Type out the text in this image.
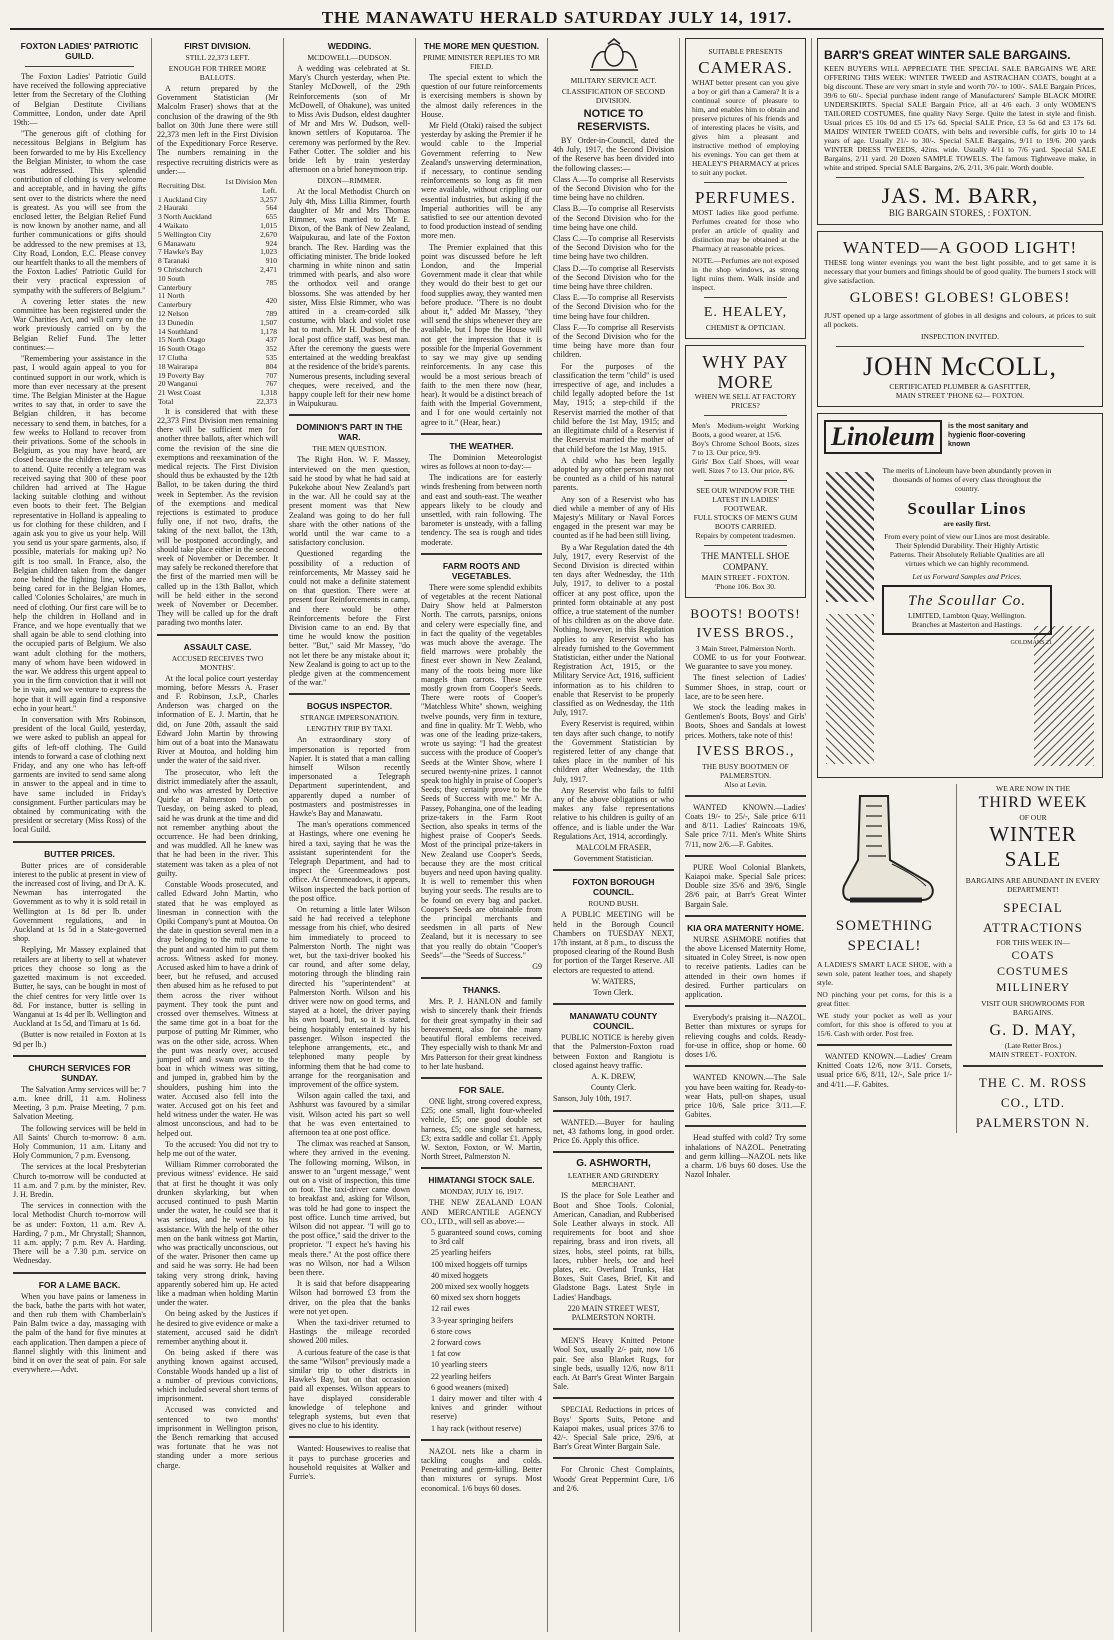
THE MANAWATU HERALD SATURDAY JULY 14, 1917.
FOXTON LADIES' PATRIOTIC GUILD.

The Foxton Ladies' Patriotic Guild have received the following appreciative letter from the Secretary of the Clothing of Belgian Destitute Civilians Committee, London, under date April 19th:—

"The generous gift of clothing for necessitous Belgians in Belgium has been forwarded to me by His Excellency the Belgian Minister, to whom the case was addressed. This splendid contribution of clothing is very welcome and acceptable, and in having the gifts sent over to the districts where the need is greatest. As you will see from the enclosed letter, the Belgian Relief Fund is now known by another name, and all further communications or gifts should be addressed to the new premises at 13, City Road, London, E.C. Please convey our heartfelt thanks to all the members of the Foxton Ladies' Patriotic Guild for their very practical expression of sympathy with the sufferers of Belgium."

A covering letter states the new committee has been registered under the War Charities Act, and will carry on the work previously carried on by the Belgian Relief Fund. The letter continues:—

"Remembering your assistance in the past, I would again appeal to you for continued support in our work, which is more than ever necessary at the present time. The Belgian Minister at the Hague writes to say that, in order to save the Belgian children, it has become necessary to send them, in batches, for a few weeks to Holland to recover from their privations. Some of the schools in Belgium, as you may have heard, are closed because the children are too weak to attend. Quite recently a telegram was received saying that 300 of these poor children had arrived at The Hague lacking suitable clothing and without even boots to their feet. The Belgian representative in Holland is appealing to us for clothing for these children, and I again ask you to give us your help. Will you send us your spare garments, also, if possible, materials for making up? No gift is too small. In France, also, the Belgian children taken from the danger zone behind the fighting line, who are being cared for in the Belgian Homes, called 'Colonies Scholaires,' are much in need of clothing. Our first care will be to help the children in Holland and in France, and we hope eventually that we shall again be able to send clothing into the occupied parts of Belgium. We also want adult clothing for the mothers, many of whom have been widowed in the war. We address this urgent appeal to you in the firm conviction that it will not be in vain, and we venture to express the hope that it will again find a responsive echo in your heart."

In conversation with Mrs Robinson, president of the local Guild, yesterday, we were asked to publish an appeal for gifts of left-off clothing. The Guild intends to forward a case of clothing next Friday, and any one who has left-off garments are invited to send same along in answer to the appeal and in time to have same included in Friday's consignment. Further particulars may be obtained by communicating with the president or secretary (Miss Ross) of the local Guild.

BUTTER PRICES.

Butter prices are of considerable interest to the public at present in view of the increased cost of living, and Dr A. K. Newman has interrogated the Government as to why it is sold retail in Wellington at 1s 8d per lb. under Government regulations, and in Auckland at 1s 5d in a State-governed shop.

Replying, Mr Massey explained that retailers are at liberty to sell at whatever prices they choose so long as the gazetted maximum is not exceeded. Butter, he says, can be bought in most of the chief centres for very little over 1s 8d. For instance, butter is selling in Wanganui at 1s 4d per lb. Wellington and Auckland at 1s 5d, and Timaru at 1s 6d.

(Butter is now retailed in Foxton at 1s 9d per lb.)

CHURCH SERVICES FOR SUNDAY.

The Salvation Army services will be: 7 a.m. knee drill, 11 a.m. Holiness Meeting, 3 p.m. Praise Meeting, 7 p.m. Salvation Meeting.

The following services will be held in All Saints' Church to-morrow: 8 a.m. Holy Communion, 11 a.m. Litany and Holy Communion, 7 p.m. Evensong.

The services at the local Presbyterian Church to-morrow will be conducted at 11 a.m. and 7 p.m. by the minister, Rev. J. H. Bredin.

The services in connection with the local Methodist Church to-morrow will be as under: Foxton, 11 a.m. Rev A. Harding, 7 p.m., Mr Chrystall; Shannon, 11 a.m. apply; 7 p.m. Rev A. Harding. There will be a 7.30 p.m. service on Wednesday.

FOR A LAME BACK.

When you have pains or lameness in the back, bathe the parts with hot water, and then rub them with Chamberlain's Pain Balm twice a day, massaging with the palm of the hand for five minutes at each application. Then dampen a piece of flannel slightly with this liniment and bind it on over the seat of pain. For sale everywhere.—Advt.

FIRST DIVISION.
STILL 22,373 LEFT.
ENOUGH FOR THREE MORE BALLOTS.

A return prepared by the Government Statistician (Mr Malcolm Fraser) shows that at the conclusion of the drawing of the 9th ballot on 30th June there were still 22,373 men left in the First Division of the Expeditionary Force Reserve. The numbers remaining in the respective recruiting districts were as under:—

Recruiting Dist.	1st Division Men Left.
1 Auckland City	3,257
2 Hauraki	564
3 North Auckland	655
4 Waikato	1,015
5 Wellington City	2,670
6 Manawatu	924
7 Hawke's Bay	1,023
8 Taranaki	910
9 Christchurch	2,471
10 South Canterbury	785
11 North Canterbury	420
12 Nelson	789
13 Dunedin	1,507
14 Southland	1,178
15 North Otago	437
16 South Otago	352
17 Clutha	535
18 Wairarapa	804
19 Poverty Bay	707
20 Wanganui	767
21 West Coast	1,318
Total	22,373

It is considered that with these 22,373 First Division men remaining there will be sufficient men for another three ballots, after which will come the revision of the sine die exemptions and reexamination of the medical rejects. The First Division should thus be exhausted by the 12th Ballot, to be taken during the third week in September. As the revision of the exemptions and medical rejections is estimated to produce fully one, if not two, drafts, the taking of the next ballot, the 13th, will be postponed accordingly, and should take place either in the second week of November or December. It may safely be reckoned therefore that the first of the married men will be called up in the 13th Ballot, which will be held either in the second week of November or December. They will be called up for the draft parading two months later.

ASSAULT CASE.
ACCUSED RECEIVES TWO MONTHS'.

At the local police court yesterday morning, before Messrs A. Fraser and F. Robinson, J.s.P., Charles Anderson was charged on the information of E. J. Martin, that he did, on June 20th, assault the said Edward John Martin by throwing him out of a boat into the Manawatu River at Moutoa, and holding him under the water of the said river.

The prosecutor, who left the district immediately after the assault, and who was arrested by Detective Quirke at Palmerston North on Tuesday, on being asked to plead, said he was drunk at the time and did not remember anything about the occurrence. He had been drinking, and was muddled. All he knew was that he had been in the river. This statement was taken as a plea of not guilty.

Constable Woods prosecuted, and called Edward John Martin, who stated that he was employed as linesman in connection with the Opiki Company's punt at Moutoa. On the date in question several men in a dray belonging to the mill came to the punt and wanted him to put them across. Witness asked for money. Accused asked him to have a drink of beer, but he refused, and accused then abused him as he refused to put them across the river without payment. They took the punt and crossed over themselves. Witness at the same time got in a boat for the purpose of putting Mr Rimmer, who was on the other side, across. When the punt was nearly over, accused jumped off and swam over to the boat in which witness was sitting, and jumped in, grabbed him by the shoulders, pushing him into the water. Accused also fell into the water. Accused got on his feet and held witness under the water. He was almost unconscious, and had to be helped out.

To the accused: You did not try to help me out of the water.

William Rimmer corroborated the previous witness' evidence. He said that at first he thought it was only drunken skylarking, but when accused continued to push Martin under the water, he could see that it was serious, and he went to his assistance. With the help of the other men on the bank witness got Martin, who was practically unconscious, out of the water. Prisoner then came up and said he was sorry. He had been taking very strong drink, having apparently sobered him up. He acted like a madman when holding Martin under the water.

On being asked by the Justices if he desired to give evidence or make a statement, accused said he didn't remember anything about it.

On being asked if there was anything known against accused, Constable Woods handed up a list of a number of previous convictions, which included several short terms of imprisonment.

Accused was convicted and sentenced to two months' imprisonment in Wellington prison, the Bench remarking that accused was fortunate that he was not standing under a more serious charge.

WEDDING.
MCDOWELL—DUDSON.

A wedding was celebrated at St. Mary's Church yesterday, when Pte. Stanley McDowell, of the 29th Reinforcements (son of Mr McDowell, of Ohakune), was united to Miss Avis Dudson, eldest daughter of Mr and Mrs W. Dudson, well-known settlers of Koputaroa. The ceremony was performed by the Rev. Father Cotter. The soldier and his bride left by train yesterday afternoon on a brief honeymoon trip.

DIXON—RIMMER.

At the local Methodist Church on July 4th, Miss Lillia Rimmer, fourth daughter of Mr and Mrs Thomas Rimmer, was married to Mr E. Dixon, of the Bank of New Zealand, Waipukurau, and late of the Foxton branch. The Rev. Harding was the officiating minister. The bride looked charming in white ninon and satin trimmed with pearls, and also wore the orthodox veil and orange blossoms. She was attended by her sister, Miss Elsie Rimmer, who was attired in a cream-corded silk costume, with black and violet rose hat to match. Mr H. Dudson, of the local post office staff, was best man. After the ceremony the guests were entertained at the wedding breakfast at the residence of the bride's parents. Numerous presents, including several cheques, were received, and the happy couple left for their new home in Waipukurau.

DOMINION'S PART IN THE WAR.
THE MEN QUESTION.

The Right Hon. W. F. Massey, interviewed on the men question, said he stood by what he had said at Pukekohe about New Zealand's part in the war. All he could say at the present moment was that New Zealand was going to do her full share with the other nations of the world until the war came to a satisfactory conclusion.

Questioned regarding the possibility of a reduction of reinforcements, Mr Massey said he could not make a definite statement on that question. There were at present four Reinforcements in camp, and there would be other Reinforcements before the First Division came to an end. By that time he would know the position better. "But," said Mr Massey, "do not let there be any mistake about it; New Zealand is going to act up to the pledge given at the commencement of the war."

BOGUS INSPECTOR.
STRANGE IMPERSONATION.
LENGTHY TRIP BY TAXI.

An extraordinary story of impersonation is reported from Napier. It is stated that a man calling himself Wilson recently impersonated a Telegraph Department superintendent, and apparently duped a number of postmasters and postmistresses in Hawke's Bay and Manawatu.

The man's operations commenced at Hastings, where one evening he hired a taxi, saying that he was the assistant superintendent for the Telegraph Department, and had to inspect the Greenmeadows post office. At Greenmeadows, it appears, Wilson inspected the back portion of the post office.

On returning a little later Wilson said he had received a telephone message from his chief, who desired him immediately to proceed to Palmerston North. The night was wet, but the taxi-driver booked his car round, and after some delay, motoring through the blinding rain directed his "superintendent" at Palmerston North. Wilson and his driver were now on good terms, and stayed at a hotel, the driver paying his own board, but, so it is stated, being hospitably entertained by his passenger. Wilson inspected the telephone arrangements, etc., and telephoned many people by informing them that he had come to arrange for the reorganisation and improvement of the office system.

Wilson again called the taxi, and Ashhurst was favoured by a similar visit. Wilson acted his part so well that he was even entertained to afternoon tea at one post office.

The climax was reached at Sanson, where they arrived in the evening. The following morning, Wilson, in answer to an "urgent message," went out on a visit of inspection, this time on foot. The taxi-driver came down to breakfast and, asking for Wilson, was told he had gone to inspect the post office. Lunch time arrived, but Wilson did not appear. "I will go to the post office," said the driver to the proprietor. "I expect he's having his meals there." At the post office there was no Wilson, nor had a Wilson been there.

It is said that before disappearing Wilson had borrowed £3 from the driver, on the plea that the banks were not yet open.

When the taxi-driver returned to Hastings the mileage recorded showed 200 miles.

A curious feature of the case is that the same "Wilson" previously made a similar trip to other districts in Hawke's Bay, but on that occasion paid all expenses. Wilson appears to have displayed considerable knowledge of telephone and telegraph systems, but even that gives no clue to his identity.

Wanted: Housewives to realise that it pays to purchase groceries and household requisites at Walker and Furrie's.

THE MORE MEN QUESTION.
PRIME MINISTER REPLIES TO MR FIELD.

The special extent to which the question of our future reinforcements is exercising members is shown by the almost daily references in the House.

Mr Field (Otaki) raised the subject yesterday by asking the Premier if he would cable to the Imperial Government referring to New Zealand's unswerving determination, if necessary, to continue sending reinforcements so long as fit men were available, without crippling our essential industries, but asking if the Imperial authorities will be any satisfied to see our attention devoted to food production instead of sending more men.

The Premier explained that this point was discussed before he left London, and the Imperial Government made it clear that while they would do their best to get our food supplies away, they wanted men before produce. "There is no doubt about it," added Mr Massey, "they will send the ships whenever they are available, but I hope the House will not get the impression that it is possible for the Imperial Government to say we may give up sending reinforcements. In any case this would be a most serious breach of faith to the men there now (hear, hear). It would be a distinct breach of faith with the Imperial Government, and I for one would certainly not agree to it." (Hear, hear.)

THE WEATHER.

The Dominion Meteorologist wires as follows at noon to-day:—

The indications are for easterly winds freshening from between north and east and south-east. The weather appears likely to be cloudy and unsettled, with rain following. The barometer is unsteady, with a falling tendency. The sea is rough and tides moderate.

FARM ROOTS AND VEGETABLES.

There were some splendid exhibits of vegetables at the recent National Dairy Show held at Palmerston North. The carrots, parsnips, onions and celery were especially fine, and in fact the quality of the vegetables was much above the average. The field marrows were probably the finest ever shown in New Zealand, many of the roots being more like mangels than carrots. These were mostly grown from Cooper's Seeds. There were roots of Cooper's "Matchless White" shown, weighing twelve pounds, very firm in texture, and fine in quality. Mr T. Webb, who was one of the leading prize-takers, wrote us saying: "I had the greatest success with the produce of Cooper's Seeds at the Winter Show, where I secured twenty-nine prizes. I cannot speak too highly in praise of Cooper's Seeds; they certainly prove to be the Seeds of Success with me." Mr A. Passey, Pohangina, one of the leading prize-takers in the Farm Root Section, also speaks in terms of the highest praise of Cooper's Seeds. Most of the principal prize-takers in New Zealand use Cooper's Seeds, because they are the most critical buyers and need upon having quality. It is well to remember this when buying your seeds. The results are to be found on every bag and packet. Cooper's Seeds are obtainable from the principal merchants and seedsmen in all parts of New Zealand, but it is necessary to see that you really do obtain "Cooper's Seeds"—the "Seeds of Success."

G9

THANKS.

Mrs. P. J. HANLON and family wish to sincerely thank their friends for their great sympathy in their sad bereavement, also for the many beautiful floral emblems received. They especially wish to thank Mr and Mrs Patterson for their great kindness to her late husband.

FOR SALE.

ONE light, strong covered express, £25; one small, light four-wheeled vehicle, £5; one good double set harness, £5; one single set harness, £3; extra saddle and collar £1. Apply W. Sexton, Foxton, or W. Martin, North Street, Palmerston N.

HIMATANGI STOCK SALE.
MONDAY, JULY 16, 1917.

THE NEW ZEALAND LOAN AND MERCANTILE AGENCY CO., LTD., will sell as above:—

5 guaranteed sound cows, coming to 3rd calf

25 yearling heifers

100 mixed hoggets off turnips

40 mixed hoggets

200 mixed sex woolly hoggets

60 mixed sex shorn hoggets

12 rail ewes

3 3-year springing heifers

6 store cows

2 forward cows

1 fat cow

10 yearling steers

22 yearling heifers

6 good weaners (mixed)

1 dairy mower and tilter with 4 knives and grinder without reserve)

1 hay rack (without reserve)

NAZOL nets like a charm in tackling coughs and colds. Penetrating and germ-killing. Better than mixtures or syrups. Most economical. 1/6 buys 60 doses.

MILITARY SERVICE ACT.
CLASSIFICATION OF SECOND DIVISION.
NOTICE TO RESERVISTS.

BY Order-in-Council, dated the 4th July, 1917, the Second Division of the Reserve has been divided into the following classes:—

Class A.—To comprise all Reservists of the Second Division who for the time being have no children.

Class B.—To comprise all Reservists of the Second Division who for the time being have one child.

Class C.—To comprise all Reservists of the Second Division who for the time being have two children.

Class D.—To comprise all Reservists of the Second Division who for the time being have three children.

Class E.—To comprise all Reservists of the Second Division who for the time being have four children.

Class F.—To comprise all Reservists of the Second Division who for the time being have more than four children.

For the purposes of the classification the term "child" is used irrespective of age, and includes a child legally adopted before the 1st May, 1915; a step-child if the Reservist married the mother of that child before the 1st May, 1915; and an illegitimate child of a Reservist if the Reservist married the mother of that child before the 1st May, 1915.

A child who has been legally adopted by any other person may not be counted as a child of his natural parents.

Any son of a Reservist who has died while a member of any of His Majesty's Military or Naval Forces engaged in the present war may be counted as if he had been still living.

By a War Regulation dated the 4th July, 1917, every Reservist of the Second Division is directed within ten days after Wednesday, the 11th July, 1917, to deliver to a postal officer at any post office, upon the printed form obtainable at any post office, a true statement of the number of his children as on the above date. Nothing, however, in this Regulation applies to any Reservist who has already furnished to the Government Statistician, either under the National Registration Act, 1915, or the Military Service Act, 1916, sufficient information as to his children to enable that Reservist to be properly classified as on Wednesday, the 11th July, 1917.

Every Reservist is required, within ten days after such change, to notify the Government Statistician by registered letter of any change that takes place in the number of his children after Wednesday, the 11th July, 1917.

Any Reservist who fails to fulfil any of the above obligations or who makes any false representations relative to his children is guilty of an offence, and is liable under the War Regulations Act, 1914, accordingly.

MALCOLM FRASER,

Government Statistician.

FOXTON BOROUGH COUNCIL.
ROUND BUSH.

A PUBLIC MEETING will be held in the Borough Council Chambers on TUESDAY NEXT, 17th instant, at 8 p.m., to discuss the proposed clearing of the Round Bush for portion of the Target Reserve. All electors are requested to attend.

W. WATERS,

Town Clerk.

MANAWATU COUNTY COUNCIL.

PUBLIC NOTICE is hereby given that the Palmerston-Foxton road between Foxton and Rangiotu is closed against heavy traffic.

A. K. DREW,

County Clerk.

Sanson, July 10th, 1917.

WANTED.—Buyer for hauling net, 43 fathoms long, in good order. Price £6. Apply this office.

G. ASHWORTH,
LEATHER AND GRINDERY MERCHANT.

IS the place for Sole Leather and Boot and Shoe Tools. Colonial, American, Canadian, and Rubberised Sole Leather always in stock. All requirements for boot and shoe repairing, brass and iron rivets, all sizes, hobs, steel points, rat bills, laces, rubber heels, toe and heel plates, etc. Overland Trunks, Hat Boxes, Suit Cases, Brief, Kit and Gladstone Bags. Latest Style in Ladies' Handbags.

220 MAIN STREET WEST, PALMERSTON NORTH.

MEN'S Heavy Knitted Petone Wool Sox, usually 2/- pair, now 1/6 pair. See also Blanket Rugs, for single beds, usually 12/6, now 8/11 each. At Barr's Great Winter Bargain Sale.

SPECIAL Reductions in prices of Boys' Sports Suits, Petone and Kaiapoi makes, usual prices 37/6 to 42/-. Special Sale price, 29/6, at Barr's Great Winter Bargain Sale.

For Chronic Chest Complaints, Woods' Great Peppermint Cure, 1/6 and 2/6.

SUITABLE PRESENTS
CAMERAS.
WHAT better present can you give a boy or girl than a Camera? It is a continual source of pleasure to him, and enables him to obtain and preserve pictures of his friends and of interesting places he visits, and gives him a pleasant and instructive method of employing his evenings. You can get them at HEALEY'S PHARMACY at prices to suit any pocket.
PERFUMES.
MOST ladies like good perfume. Perfumes created for those who prefer an article of quality and distinction may be obtained at the Pharmacy at reasonable prices.
NOTE.—Perfumes are not exposed in the shop windows, as strong light ruins them. Walk inside and inspect.
E. HEALEY,
CHEMIST & OPTICIAN.
WHY PAY
MORE
WHEN WE SELL AT FACTORY PRICES?
Men's Medium-weight Working Boots, a good wearer, at 15/6.
Boy's Chrome School Boots, sizes 7 to 13. Our price, 9/9.
Girls' Box Calf Shoes, will wear well. Sizes 7 to 13. Our price, 8/6.
SEE OUR WINDOW FOR THE LATEST IN LADIES' FOOTWEAR.
FULL STOCKS OF MEN'S GUM BOOTS CARRIED.
Repairs by competent tradesmen.
THE MANTELL SHOE COMPANY.
MAIN STREET - FOXTON.
'Phone 106. Box 30.
BOOTS! BOOTS!
IVESS BROS.,
3 Main Street, Palmerston North.

COME to us for your Footwear. We guarantee to save you money.

The finest selection of Ladies' Summer Shoes, in strap, court or lace, are to be seen here.

We stock the leading makes in Gentlemen's Boots, Boys' and Girls' Boots, Shoes and Sandals at lowest prices. Mothers, take note of this!

IVESS BROS.,
THE BUSY BOOTMEN OF PALMERSTON.
Also at Levin.

WANTED KNOWN.—Ladies' Coats 19/- to 25/-, Sale price 6/11 and 8/11. Ladies' Raincoats 19/6, Sale price 7/11. Men's White Shirts 7/11, now 2/6.—F. Gabites.

PURE Wool Colonial Blankets, Kaiapoi make. Special Sale prices: Double size 35/6 and 39/6, Single 28/6 pair, at Barr's Great Winter Bargain Sale.

KIA ORA MATERNITY HOME.

NURSE ASHMORE notifies that the above Licensed Maternity Home, situated in Coley Street, is now open to receive patients. Ladies can be attended in their own homes if desired. Further particulars on application.

Everybody's praising it—NAZOL. Better than mixtures or syrups for relieving coughs and colds. Ready-for-use in office, shop or home. 60 doses 1/6.

WANTED KNOWN.—The Sale you have been waiting for. Ready-to-wear Hats, pull-on shapes, usual price 10/6, Sale price 3/11.—F. Gabites.

Head stuffed with cold? Try some inhalations of NAZOL. Penetrating and germ killing—NAZOL nets like a charm. 1/6 buys 60 doses. Use the Nazol Inhaler.

BARR'S GREAT WINTER SALE BARGAINS.
KEEN BUYERS WILL APPRECIATE THE SPECIAL SALE BARGAINS WE ARE OFFERING THIS WEEK: WINTER TWEED and ASTRACHAN COATS, bought at a big discount. These are very smart in style and worth 70/- to 100/-. SALE Bargain Prices, 39/6 to 60/-. Special purchase indent range of Manufacturers' Sample BLACK MOIRE UNDERSKIRTS. Special SALE Bargain Price, all at 4/6 each. 3 only WOMEN'S TAILORED COSTUMES, fine quality Navy Serge. Quite the latest in style and finish. Usual prices £5 10s 0d and £5 17s 6d. Special SALE Price, £3 5s 6d and £3 17s 6d. MAIDS' WINTER TWEED COATS, with belts and reversible cuffs, for girls 10 to 14 years of age. Usually 21/- to 30/-. Special SALE Bargains, 9/11 to 19/6. 200 yards WINTER DRESS TWEEDS, 42ins. wide. Usually 4/11 to 7/6 yard. Special SALE Bargains, 2/11 yard. 20 Dozen SAMPLE TOWELS. The famous Tightweave make, in white and striped. Special SALE Bargains, 2/6, 2/11, 3/6 pair. Worth double.
JAS. M. BARR,
BIG BARGAIN STORES, : FOXTON.
WANTED—A GOOD LIGHT!
THESE long winter evenings you want the best light possible, and to get same it is necessary that your burners and fittings should be of good quality. The burners I stock will give satisfaction.
GLOBES! GLOBES! GLOBES!
JUST opened up a large assortment of globes in all designs and colours, at prices to suit all pockets.
INSPECTION INVITED.
JOHN McCOLL,
CERTIFICATED PLUMBER & GASFITTER,
MAIN STREET 'PHONE 62— FOXTON.
Linoleum	is the most sanitary and hygienic floor-covering known
The merits of Linoleum have been abundantly proven in thousands of homes of every class throughout the country.
Scoullar Linos
are easily first.
From every point of view our Linos are most desirable. Their Splendid Durability. Their Highly Artistic Patterns. Their Absolutely Reliable Qualities are all virtues which we can highly recommend.
Let us Forward Samples and Prices.
The Scoullar Co.
LIMITED, Lambton Quay, Wellington.
Branches at Masterton and Hastings.
GOLDMANS 21
SOMETHING SPECIAL!
A LADIES'S SMART LACE SHOE, with a sewn sole, patent leather toes, and shapely style.
NO pinching your pet corns, for this is a great fitter.
WE study your pocket as well as your comfort, for this shoe is offered to you at 15/6. Cash with order. Post free.

WANTED KNOWN.—Ladies' Cream Knitted Coats 12/6, now 3/11. Corsets, usual price 6/6, 8/11, 12/-, Sale price 1/- and 4/11.—F. Gabites.

WE ARE NOW IN THE
THIRD WEEK
OF OUR
WINTER
SALE
BARGAINS ARE ABUNDANT IN EVERY DEPARTMENT!
SPECIAL ATTRACTIONS
FOR THIS WEEK IN—
COATS
COSTUMES
MILLINERY
VISIT OUR SHOWROOMS FOR BARGAINS.
G. D. MAY,
(Late Retter Bros.)
MAIN STREET - FOXTON.
THE C. M. ROSS
CO., LTD.
PALMERSTON N.
